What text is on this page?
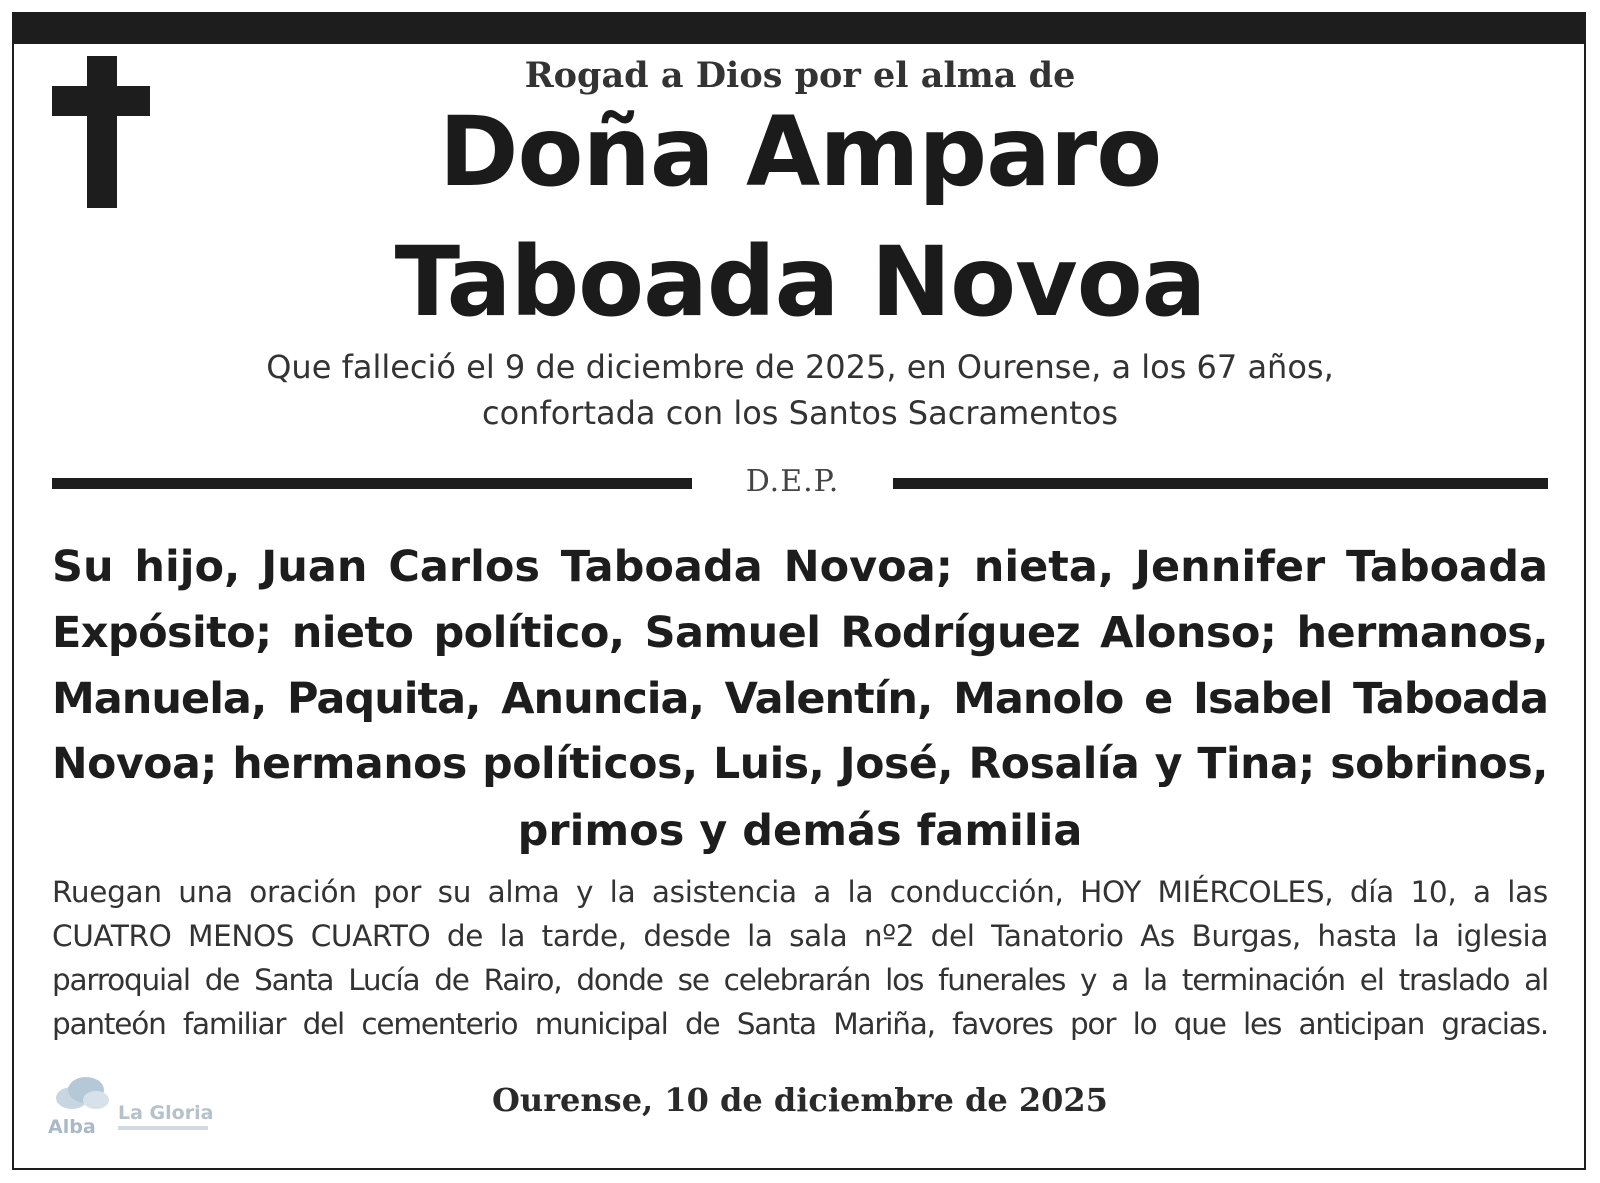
Rogad a Dios por el alma de
Doña Amparo
Taboada Novoa
Que falleció el 9 de diciembre de 2025, en Ourense, a los 67 años,
confortada con los Santos Sacramentos
D.E.P.
Su hijo, Juan Carlos Taboada Novoa; nieta, Jennifer Taboada
Expósito; nieto político, Samuel Rodríguez Alonso; hermanos,
Manuela, Paquita, Anuncia, Valentín, Manolo e Isabel Taboada
Novoa; hermanos políticos, Luis, José, Rosalía y Tina; sobrinos,
primos y demás familia
Ruegan una oración por su alma y la asistencia a la conducción, HOY MIÉRCOLES, día 10, a las
CUATRO MENOS CUARTO de la tarde, desde la sala nº2 del Tanatorio As Burgas, hasta la iglesia
parroquial de Santa Lucía de Rairo, donde se celebrarán los funerales y a la terminación el traslado al
panteón familiar del cementerio municipal de Santa Mariña, favores por lo que les anticipan gracias.
Ourense, 10 de diciembre de 2025
Alba
La Gloria
